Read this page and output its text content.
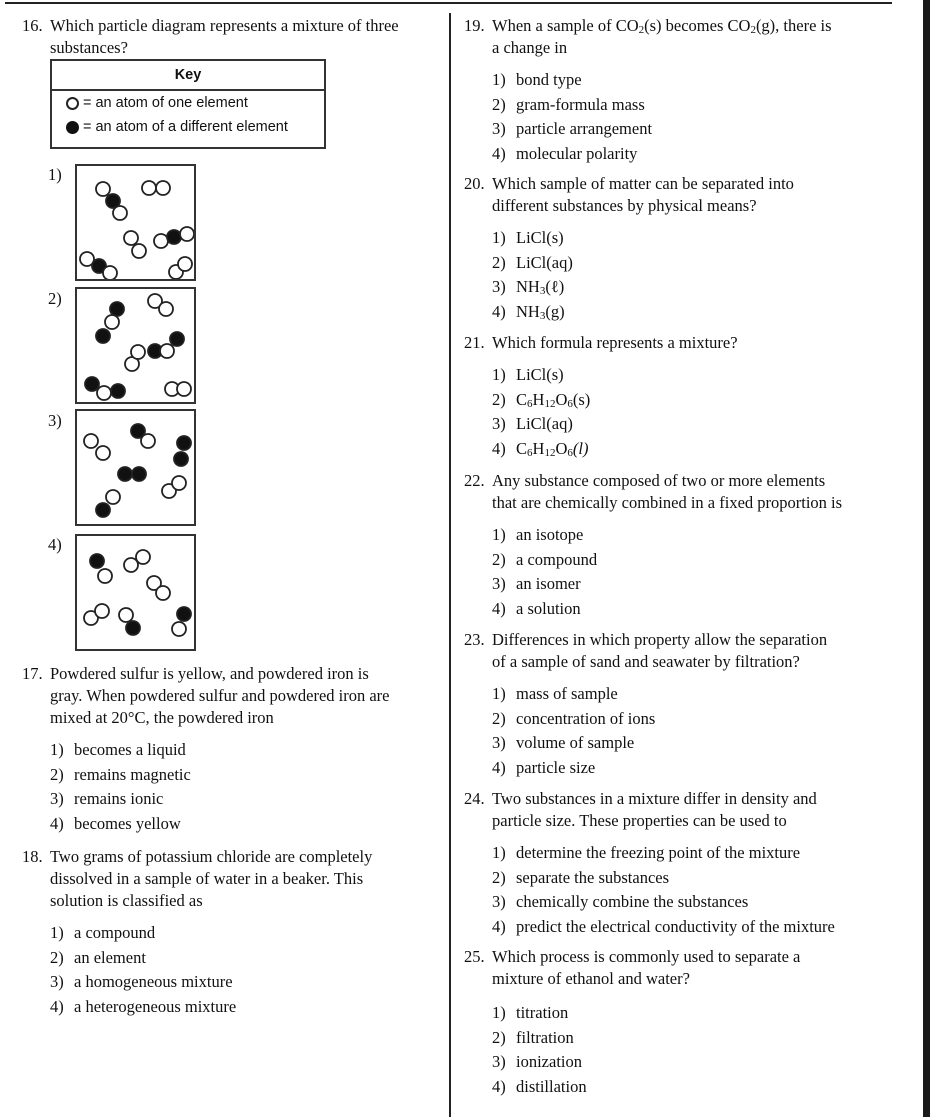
16. Which particle diagram represents a mixture of three
substances?
Key
= an atom of one element
= an atom of a different element
1)
2)
3)
4)
17. Powdered sulfur is yellow, and powdered iron is
gray. When powdered sulfur and powdered iron are
mixed at 20°C, the powdered iron
1) becomes a liquid
2) remains magnetic
3) remains ionic
4) becomes yellow
18. Two grams of potassium chloride are completely
dissolved in a sample of water in a beaker. This
solution is classified as
1) a compound
2) an element
3) a homogeneous mixture
4) a heterogeneous mixture
19. When a sample of $CO_2(s)$ becomes $CO_2(g)$, there is
a change in
1) bond type
2) gram-formula mass
3) particle arrangement
4) molecular polarity
20. Which sample of matter can be separated into
different substances by physical means?
1) LiCl(s)
2) LiCl(aq)
3) $NH_3(\ell)$
4) $NH_3(g)$
21. Which formula represents a mixture?
1) LiCl(s)
2) $C_6H_{12}O_6(s)$
3) LiCl(aq)
4) $C_6H_{12}O_6(l)$
22. Any substance composed of two or more elements
that are chemically combined in a fixed proportion is
1) an isotope
2) a compound
3) an isomer
4) a solution
23. Differences in which property allow the separation
of a sample of sand and seawater by filtration?
1) mass of sample
2) concentration of ions
3) volume of sample
4) particle size
24. Two substances in a mixture differ in density and
particle size. These properties can be used to
1) determine the freezing point of the mixture
2) separate the substances
3) chemically combine the substances
4) predict the electrical conductivity of the mixture
25. Which process is commonly used to separate a
mixture of ethanol and water?
1) titration
2) filtration
3) ionization
4) distillation
